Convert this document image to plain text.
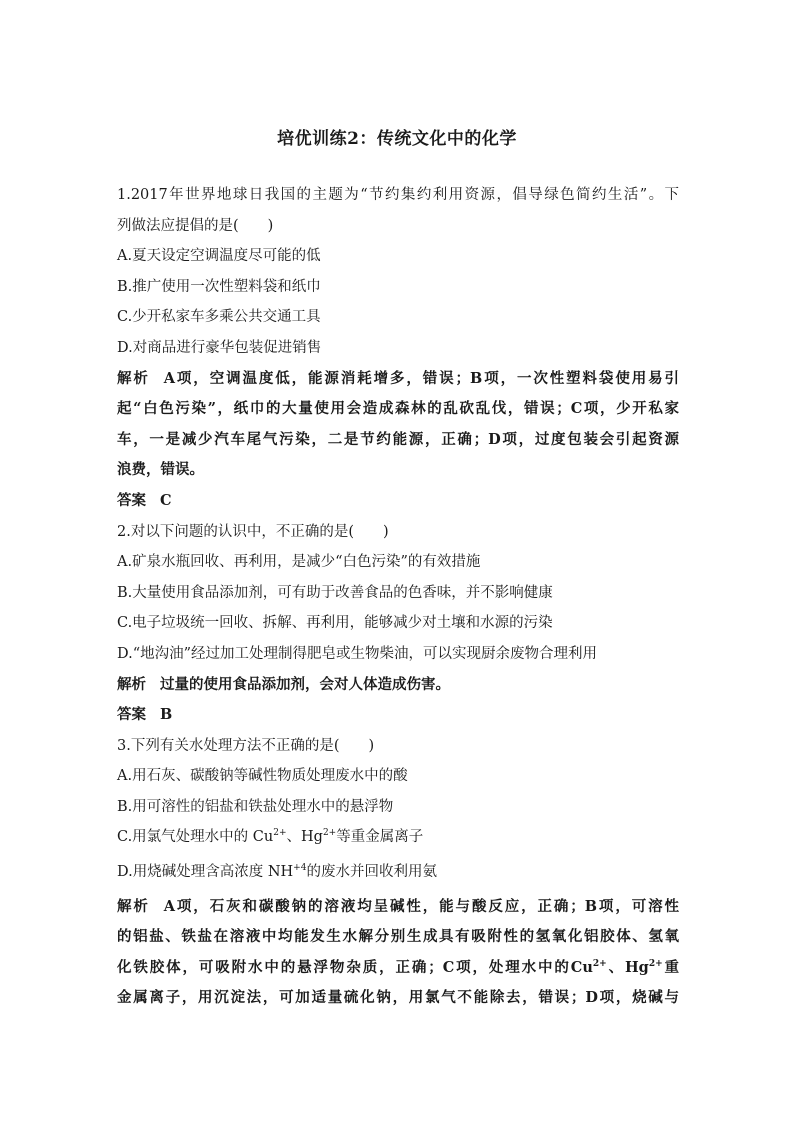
培优训练2：传统文化中的化学
1.2017年世界地球日我国的主题为“节约集约利用资源，倡导绿色简约生活”。下
列做法应提倡的是(　　)
A.夏天设定空调温度尽可能的低
B.推广使用一次性塑料袋和纸巾
C.少开私家车多乘公共交通工具
D.对商品进行豪华包装促进销售
解析 A项，空调温度低，能源消耗增多，错误；B项，一次性塑料袋使用易引
起“白色污染”，纸巾的大量使用会造成森林的乱砍乱伐，错误；C项，少开私家
车，一是减少汽车尾气污染，二是节约能源，正确；D项，过度包装会引起资源
浪费，错误。
答案 C
2.对以下问题的认识中，不正确的是(　　)
A.矿泉水瓶回收、再利用，是减少“白色污染”的有效措施
B.大量使用食品添加剂，可有助于改善食品的色香味，并不影响健康
C.电子垃圾统一回收、拆解、再利用，能够减少对土壤和水源的污染
D.“地沟油”经过加工处理制得肥皂或生物柴油，可以实现厨余废物合理利用
解析 过量的使用食品添加剂，会对人体造成伤害。
答案 B
3.下列有关水处理方法不正确的是(　　)
A.用石灰、碳酸钠等碱性物质处理废水中的酸
B.用可溶性的铝盐和铁盐处理水中的悬浮物
C.用氯气处理水中的 $Cu^{2+}$、$Hg^{2+}$等重金属离子
D.用烧碱处理含高浓度 $NH^{+4}$的废水并回收利用氨
解析 A项，石灰和碳酸钠的溶液均呈碱性，能与酸反应，正确；B项，可溶性
的铝盐、铁盐在溶液中均能发生水解分别生成具有吸附性的氢氧化铝胶体、氢氧
化铁胶体，可吸附水中的悬浮物杂质，正确；C项，处理水中的$Cu^{2+}$、$Hg^{2+}$重
金属离子，用沉淀法，可加适量硫化钠，用氯气不能除去，错误；D项，烧碱与
